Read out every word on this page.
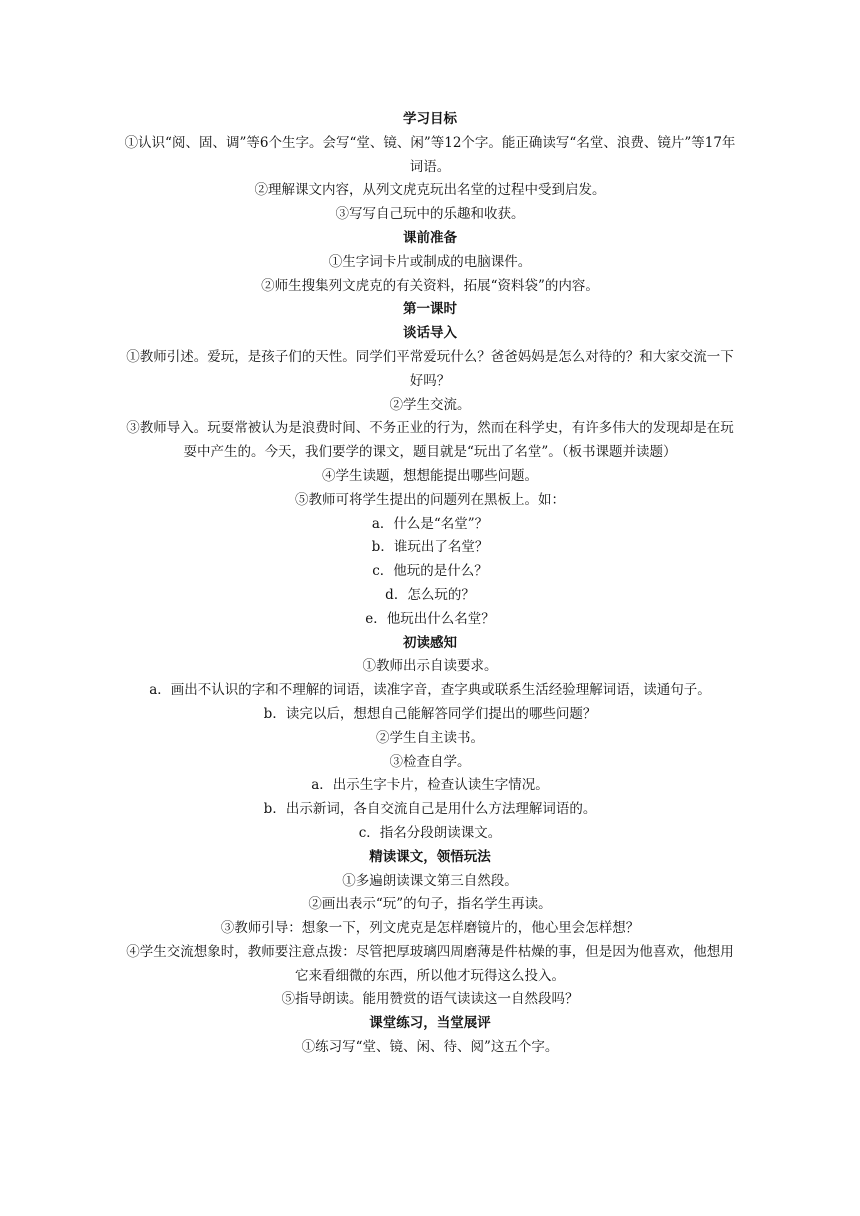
学习目标
①认识“阅、固、调”等6个生字。会写“堂、镜、闲”等12个字。能正确读写“名堂、浪费、镜片”等17年词语。
②理解课文内容，从列文虎克玩出名堂的过程中受到启发。
③写写自己玩中的乐趣和收获。
课前准备
①生字词卡片或制成的电脑课件。
②师生搜集列文虎克的有关资料，拓展“资料袋”的内容。
第一课时
谈话导入
①教师引述。爱玩，是孩子们的天性。同学们平常爱玩什么？爸爸妈妈是怎么对待的？和大家交流一下好吗？
②学生交流。
③教师导入。玩耍常被认为是浪费时间、不务正业的行为，然而在科学史，有许多伟大的发现却是在玩耍中产生的。今天，我们要学的课文，题目就是“玩出了名堂”。（板书课题并读题）
④学生读题，想想能提出哪些问题。
⑤教师可将学生提出的问题列在黑板上。如：
a．什么是“名堂”？
b．谁玩出了名堂？
c．他玩的是什么？
d．怎么玩的？
e．他玩出什么名堂？
初读感知
①教师出示自读要求。
a．画出不认识的字和不理解的词语，读准字音，查字典或联系生活经验理解词语，读通句子。
b．读完以后，想想自己能解答同学们提出的哪些问题？
②学生自主读书。
③检查自学。
a．出示生字卡片，检查认读生字情况。
b．出示新词，各自交流自己是用什么方法理解词语的。
c．指名分段朗读课文。
精读课文，领悟玩法
①多遍朗读课文第三自然段。
②画出表示“玩”的句子，指名学生再读。
③教师引导：想象一下，列文虎克是怎样磨镜片的，他心里会怎样想？
④学生交流想象时，教师要注意点拨：尽管把厚玻璃四周磨薄是件枯燥的事，但是因为他喜欢，他想用它来看细微的东西，所以他才玩得这么投入。
⑤指导朗读。能用赞赏的语气读读这一自然段吗？
课堂练习，当堂展评
①练习写“堂、镜、闲、待、阅”这五个字。
